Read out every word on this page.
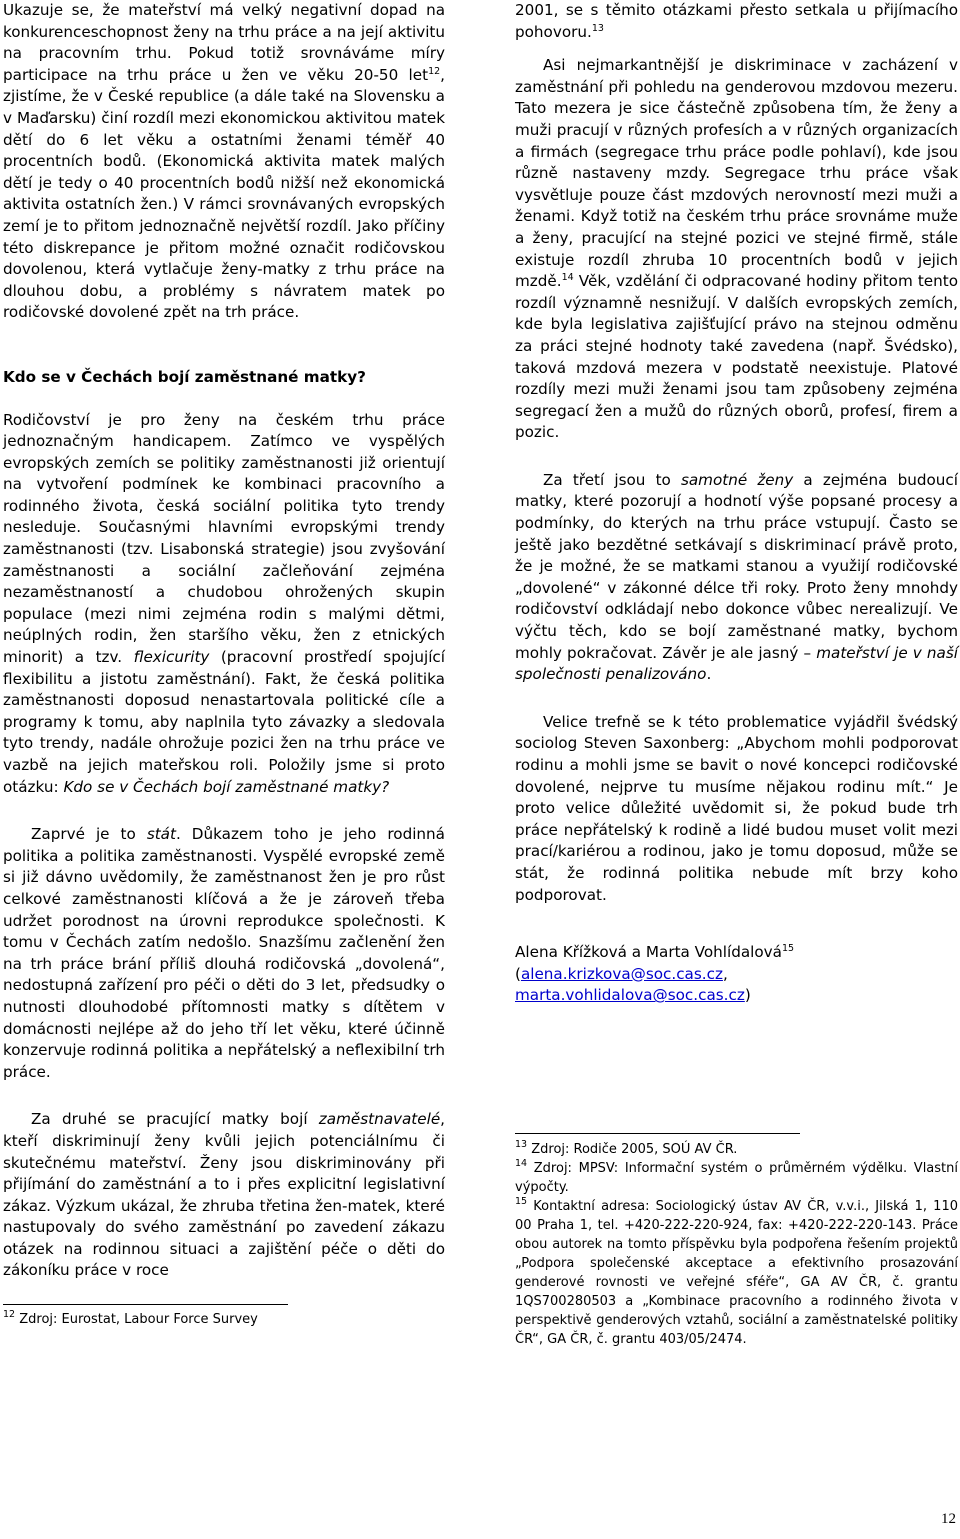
Ukazuje se, že mateřství má velký negativní dopad na konkurenceschopnost ženy na trhu práce a na její aktivitu na pracovním trhu. Pokud totiž srovnáváme míry participace na trhu práce u žen ve věku 20-50 let$^{12}$, zjistíme, že v České republice (a dále také na Slovensku a v Maďarsku) činí rozdíl mezi ekonomickou aktivitou matek dětí do 6 let věku a ostatními ženami téměř 40 procentních bodů. (Ekonomická aktivita matek malých dětí je tedy o 40 procentních bodů nižší než ekonomická aktivita ostatních žen.) V rámci srovnávaných evropských zemí je to přitom jednoznačně největší rozdíl. Jako příčiny této diskrepance je přitom možné označit rodičovskou dovolenou, která vytlačuje ženy-matky z trhu práce na dlouhou dobu, a problémy s návratem matek po rodičovské dovolené zpět na trh práce.

Kdo se v Čechách bojí zaměstnané matky?

Rodičovství je pro ženy na českém trhu práce jednoznačným handicapem. Zatímco ve vyspělých evropských zemích se politiky zaměstnanosti již orientují na vytvoření podmínek ke kombinaci pracovního a rodinného života, česká sociální politika tyto trendy nesleduje. Současnými hlavními evropskými trendy zaměstnanosti (tzv. Lisabonská strategie) jsou zvyšování zaměstnanosti a sociální začleňování zejména nezaměstnaností a chudobou ohrožených skupin populace (mezi nimi zejména rodin s malými dětmi, neúplných rodin, žen staršího věku, žen z etnických minorit) a tzv. flexicurity (pracovní prostředí spojující flexibilitu a jistotu zaměstnání). Fakt, že česká politika zaměstnanosti doposud nenastartovala politické cíle a programy k tomu, aby naplnila tyto závazky a sledovala tyto trendy, nadále ohrožuje pozici žen na trhu práce ve vazbě na jejich mateřskou roli. Položily jsme si proto otázku: Kdo se v Čechách bojí zaměstnané matky?

Zaprvé je to stát. Důkazem toho je jeho rodinná politika a politika zaměstnanosti. Vyspělé evropské země si již dávno uvědomily, že zaměstnanost žen je pro růst celkové zaměstnanosti klíčová a že je zároveň třeba udržet porodnost na úrovni reprodukce společnosti. K tomu v Čechách zatím nedošlo. Snazšímu začlenění žen na trh práce brání příliš dlouhá rodičovská „dovolená“, nedostupná zařízení pro péči o děti do 3 let, předsudky o nutnosti dlouhodobé přítomnosti matky s dítětem v domácnosti nejlépe až do jeho tří let věku, které účinně konzervuje rodinná politika a nepřátelský a neflexibilní trh práce.

Za druhé se pracující matky bojí zaměstnavatelé, kteří diskriminují ženy kvůli jejich potenciálnímu či skutečnému mateřství. Ženy jsou diskriminovány při přijímání do zaměstnání a to i přes explicitní legislativní zákaz. Výzkum ukázal, že zhruba třetina žen-matek, které nastupovaly do svého zaměstnání po zavedení zákazu otázek na rodinnou situaci a zajištění péče o děti do zákoníku práce v roce

$^{12}$ Zdroj: Eurostat, Labour Force Survey

2001, se s těmito otázkami přesto setkala u přijímacího pohovoru.$^{13}$

Asi nejmarkantnější je diskriminace v zacházení v zaměstnání při pohledu na genderovou mzdovou mezeru. Tato mezera je sice částečně způsobena tím, že ženy a muži pracují v různých profesích a v různých organizacích a firmách (segregace trhu práce podle pohlaví), kde jsou různě nastaveny mzdy. Segregace trhu práce však vysvětluje pouze část mzdových nerovností mezi muži a ženami. Když totiž na českém trhu práce srovnáme muže a ženy, pracující na stejné pozici ve stejné firmě, stále existuje rozdíl zhruba 10 procentních bodů v jejich mzdě.$^{14}$ Věk, vzdělání či odpracované hodiny přitom tento rozdíl významně nesnižují. V dalších evropských zemích, kde byla legislativa zajišťující právo na stejnou odměnu za práci stejné hodnoty také zavedena (např. Švédsko), taková mzdová mezera v podstatě neexistuje. Platové rozdíly mezi muži ženami jsou tam způsobeny zejména segregací žen a mužů do různých oborů, profesí, firem a pozic.

Za třetí jsou to samotné ženy a zejména budoucí matky, které pozorují a hodnotí výše popsané procesy a podmínky, do kterých na trhu práce vstupují. Často se ještě jako bezdětné setkávají s diskriminací právě proto, že je možné, že se matkami stanou a využijí rodičovské „dovolené“ v zákonné délce tři roky. Proto ženy mnohdy rodičovství odkládají nebo dokonce vůbec nerealizují. Ve výčtu těch, kdo se bojí zaměstnané matky, bychom mohly pokračovat. Závěr je ale jasný – mateřství je v naší společnosti penalizováno.

Velice trefně se k této problematice vyjádřil švédský sociolog Steven Saxonberg: „Abychom mohli podporovat rodinu a mohli jsme se bavit o nové koncepci rodičovské dovolené, nejprve tu musíme nějakou rodinu mít.“ Je proto velice důležité uvědomit si, že pokud bude trh práce nepřátelský k rodině a lidé budou muset volit mezi prací/kariérou a rodinou, jako je tomu doposud, může se stát, že rodinná politika nebude mít brzy koho podporovat.

Alena Křížková a Marta Vohlídalová$^{15}$
(alena.krizkova@soc.cas.cz,
marta.vohlidalova@soc.cas.cz)
$^{13}$ Zdroj: Rodiče 2005, SOÚ AV ČR.
$^{14}$ Zdroj: MPSV: Informační systém o průměrném výdělku. Vlastní výpočty.
$^{15}$ Kontaktní adresa: Sociologický ústav AV ČR, v.v.i., Jilská 1, 110 00 Praha 1, tel. +420-222-220-924, fax: +420-222-220-143. Práce obou autorek na tomto příspěvku byla podpořena řešením projektů „Podpora společenské akceptace a efektivního prosazování genderové rovnosti ve veřejné sféře“, GA AV ČR, č. grantu 1QS700280503 a „Kombinace pracovního a rodinného života v perspektivě genderových vztahů, sociální a zaměstnatelské politiky ČR“, GA ČR, č. grantu 403/05/2474.
12
